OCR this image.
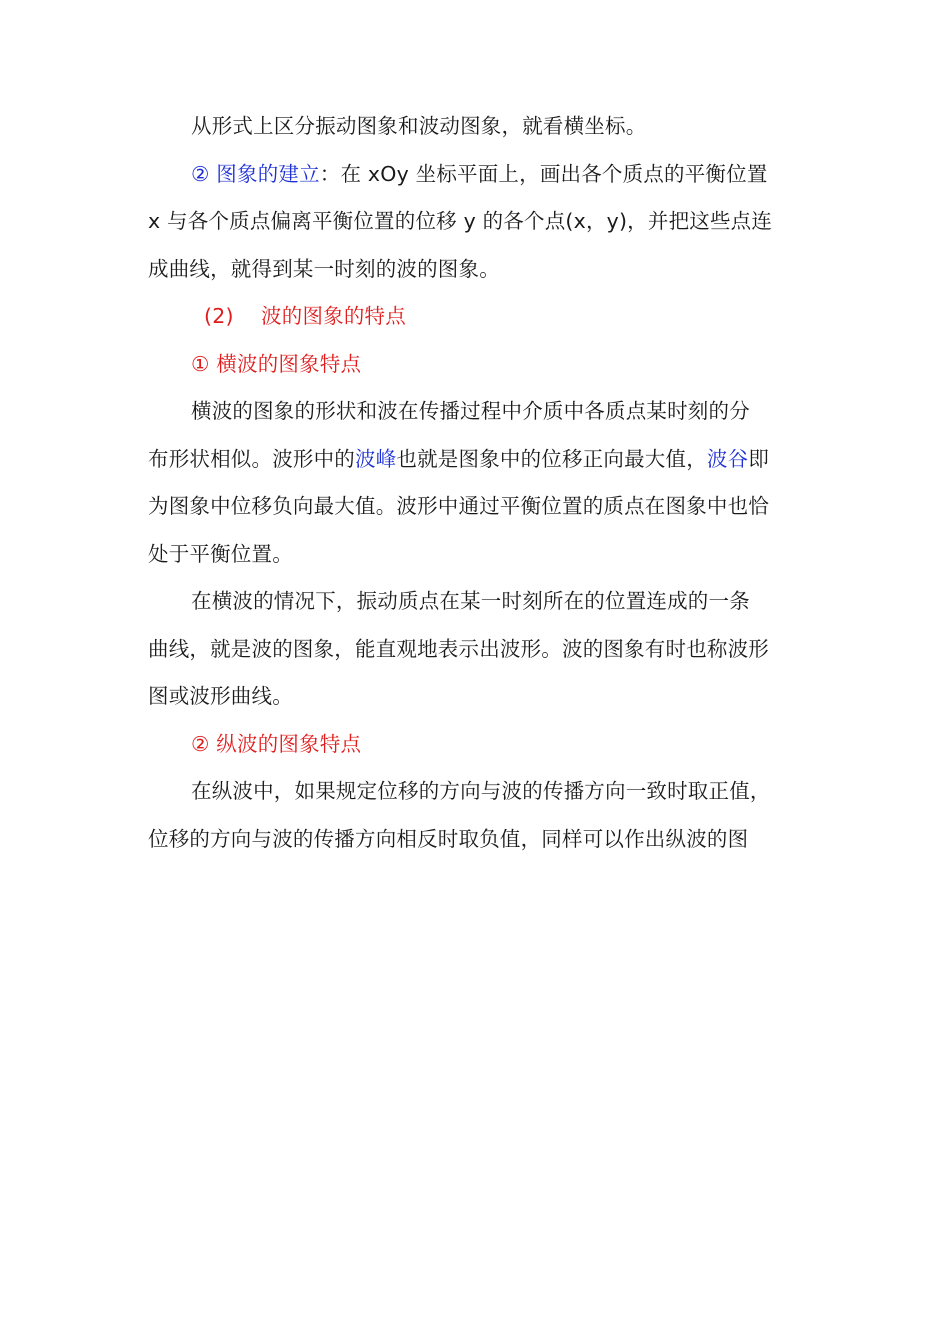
从形式上区分振动图象和波动图象，就看横坐标。
② 图象的建立：在 xOy 坐标平面上，画出各个质点的平衡位置
x 与各个质点偏离平衡位置的位移 y 的各个点(x，y)，并把这些点连
成曲线，就得到某一时刻的波的图象。
(2)　 波的图象的特点
① 横波的图象特点
横波的图象的形状和波在传播过程中介质中各质点某时刻的分
布形状相似。波形中的波峰也就是图象中的位移正向最大值，波谷即
为图象中位移负向最大值。波形中通过平衡位置的质点在图象中也恰
处于平衡位置。
在横波的情况下，振动质点在某一时刻所在的位置连成的一条
曲线，就是波的图象，能直观地表示出波形。波的图象有时也称波形
图或波形曲线。
② 纵波的图象特点
在纵波中，如果规定位移的方向与波的传播方向一致时取正值，
位移的方向与波的传播方向相反时取负值，同样可以作出纵波的图
